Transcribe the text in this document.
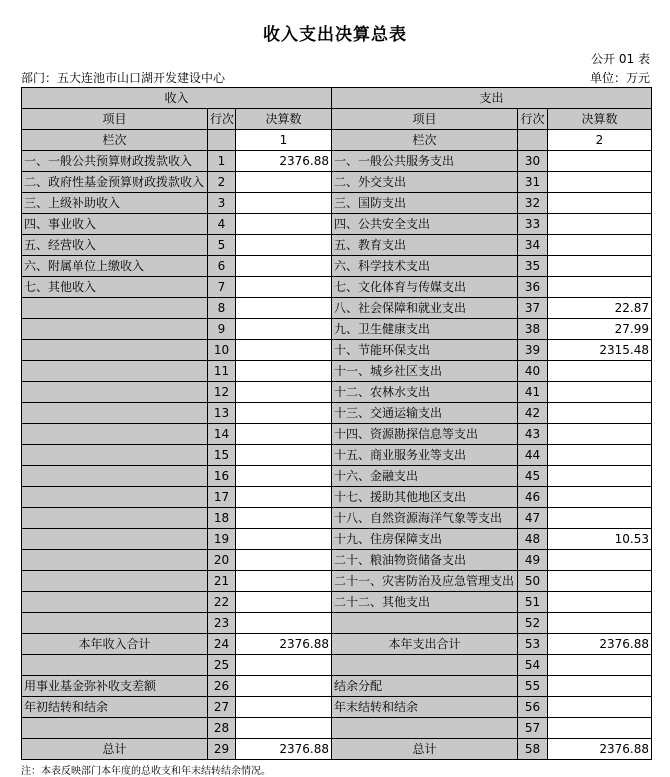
收入支出决算总表
公开 01 表
部门：五大连池市山口湖开发建设中心	单位：万元
收入			支出		
项目	行次	决算数	项目	行次	决算数
栏次		1	栏次		2
一、一般公共预算财政拨款收入	1	2376.88	一、一般公共服务支出	30	
二、政府性基金预算财政拨款收入	2		二、外交支出	31	
三、上级补助收入	3		三、国防支出	32	
四、事业收入	4		四、公共安全支出	33	
五、经营收入	5		五、教育支出	34	
六、附属单位上缴收入	6		六、科学技术支出	35	
七、其他收入	7		七、文化体育与传媒支出	36	
	8		八、社会保障和就业支出	37	22.87
	9		九、卫生健康支出	38	27.99
	10		十、节能环保支出	39	2315.48
	11		十一、城乡社区支出	40	
	12		十二、农林水支出	41	
	13		十三、交通运输支出	42	
	14		十四、资源勘探信息等支出	43	
	15		十五、商业服务业等支出	44	
	16		十六、金融支出	45	
	17		十七、援助其他地区支出	46	
	18		十八、自然资源海洋气象等支出	47	
	19		十九、住房保障支出	48	10.53
	20		二十、粮油物资储备支出	49	
	21		二十一、灾害防治及应急管理支出	50	
	22		二十二、其他支出	51	
	23			52	
本年收入合计	24	2376.88	本年支出合计	53	2376.88
	25			54	
用事业基金弥补收支差额	26		结余分配	55	
年初结转和结余	27		年末结转和结余	56	
	28			57	
总计	29	2376.88	总计	58	2376.88
注：本表反映部门本年度的总收支和年末结转结余情况。
